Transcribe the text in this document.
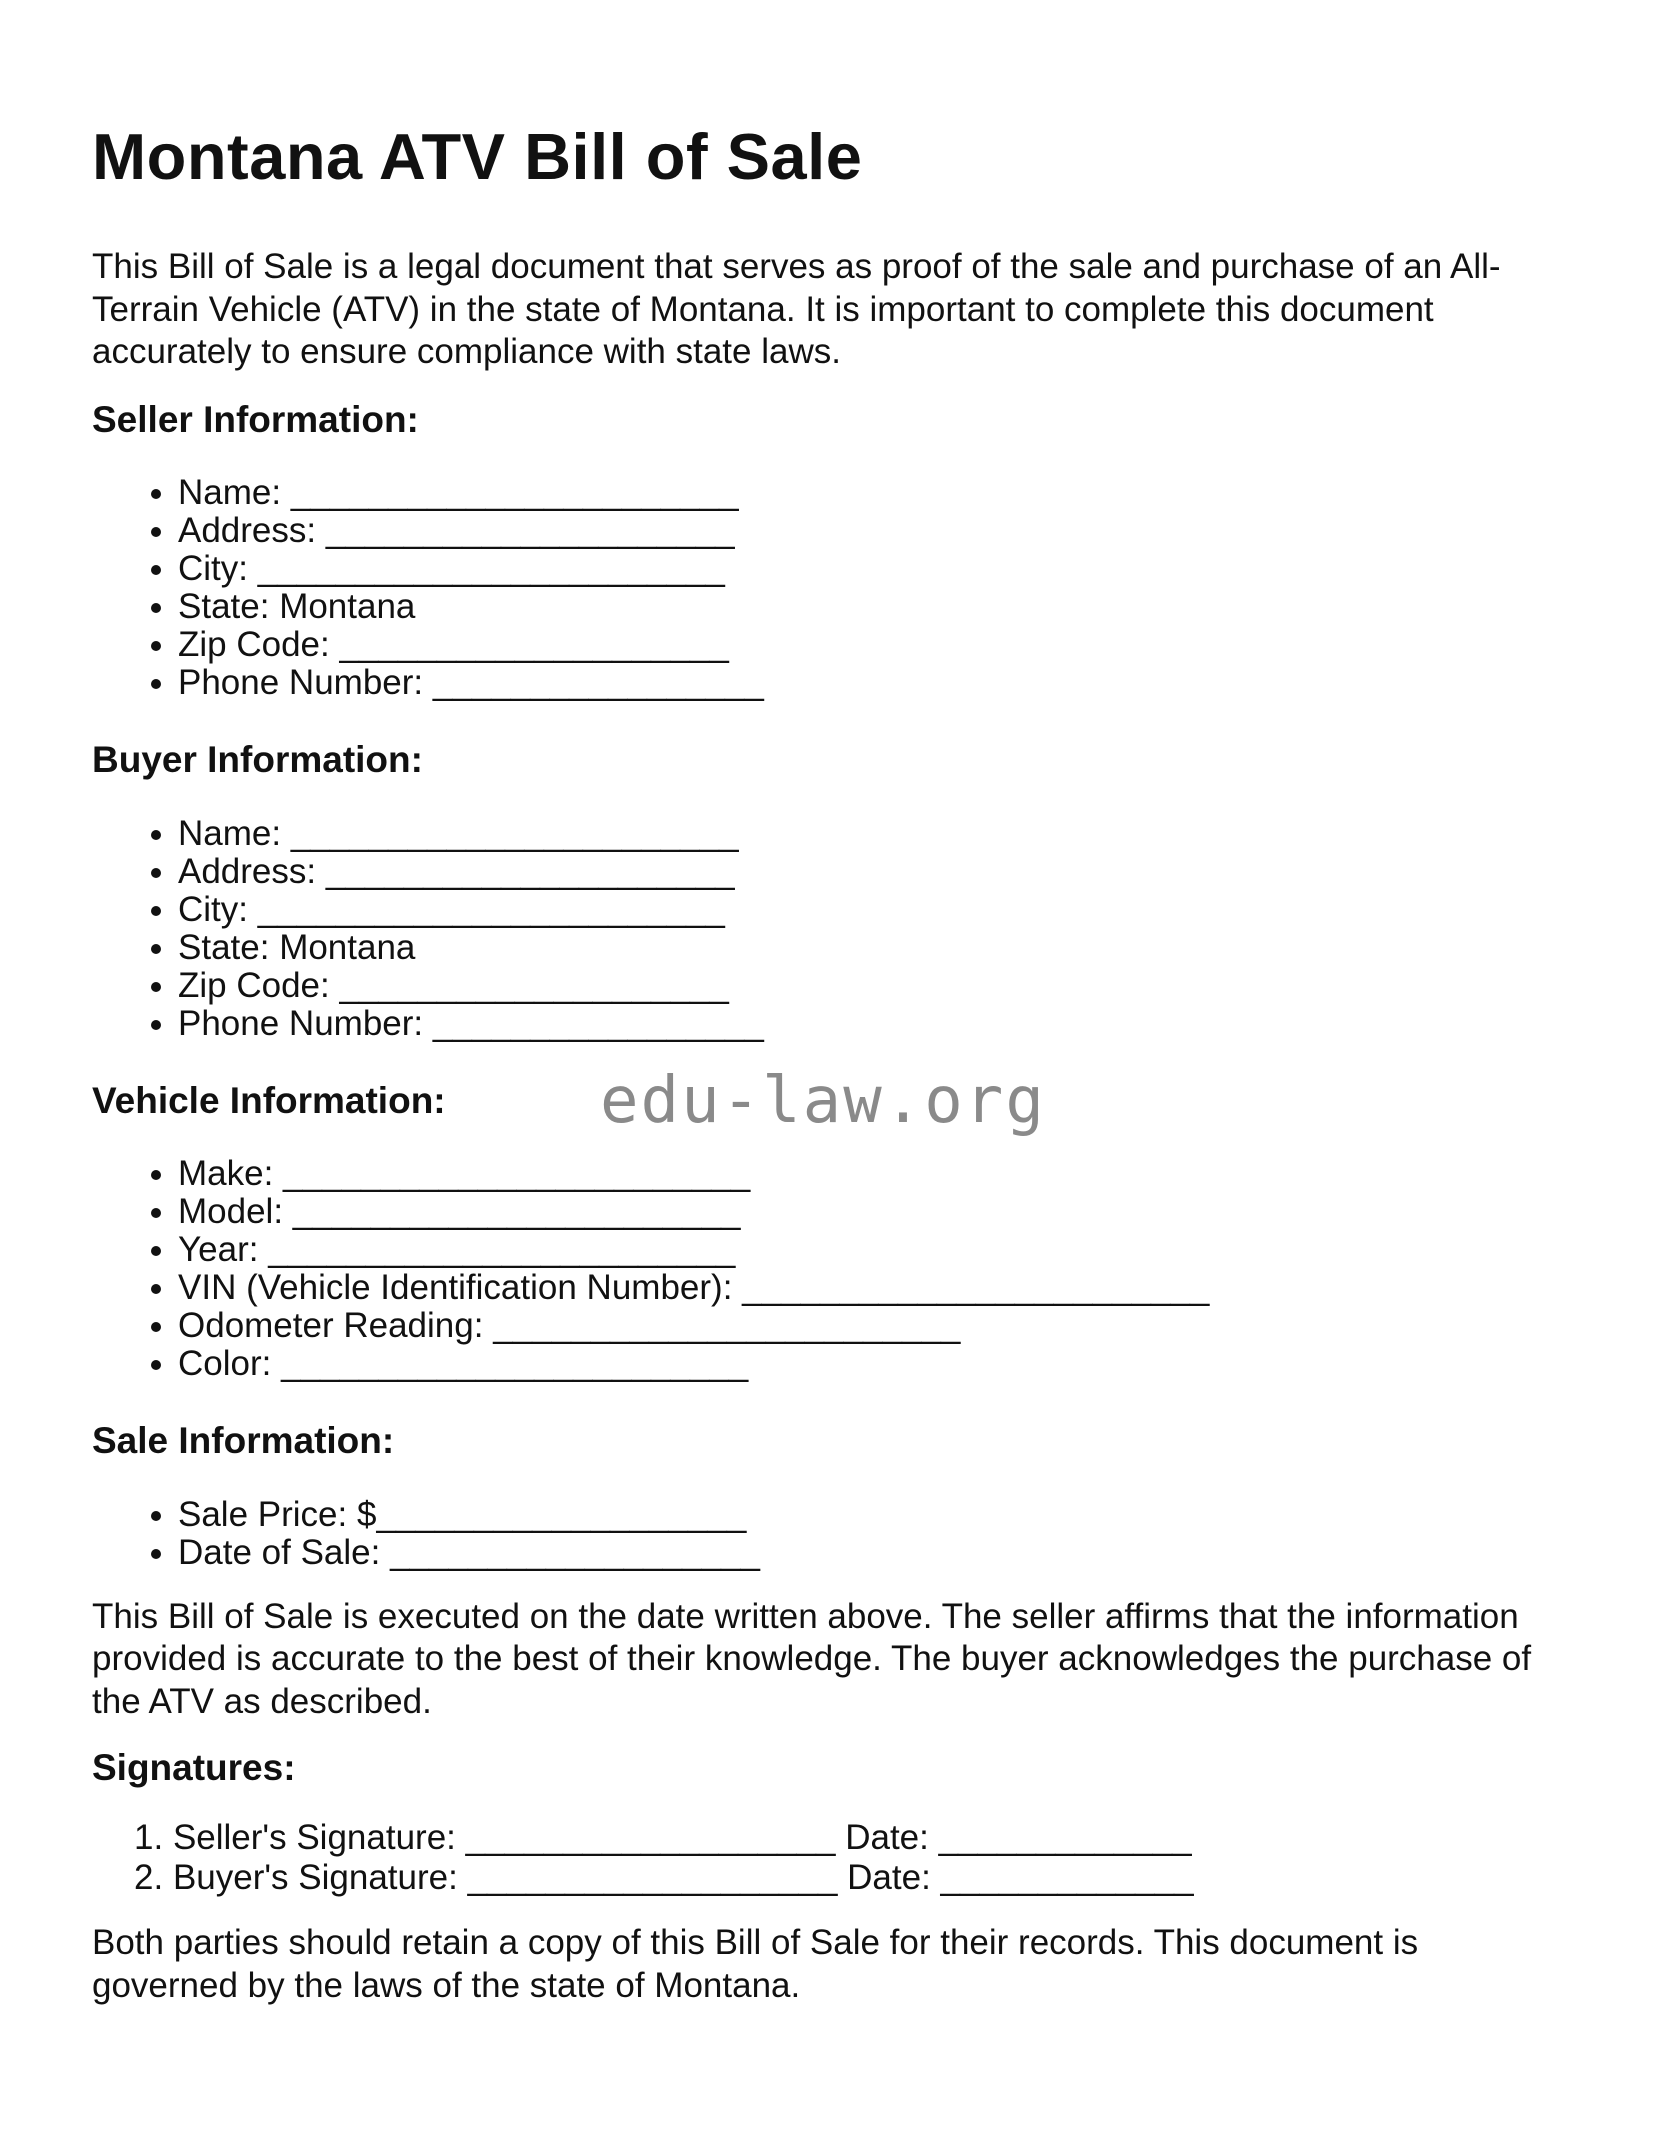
Montana ATV Bill of Sale

This Bill of Sale is a legal document that serves as proof of the sale and purchase of an All-Terrain Vehicle (ATV) in the state of Montana. It is important to complete this document accurately to ensure compliance with state laws.

Seller Information:
• Name: _______________________
• Address: _____________________
• City: ________________________
• State: Montana
• Zip Code: ____________________
• Phone Number: _________________
Buyer Information:
• Name: _______________________
• Address: _____________________
• City: ________________________
• State: Montana
• Zip Code: ____________________
• Phone Number: _________________
Vehicle Information: edu-law.org
• Make: ________________________
• Model: _______________________
• Year: ________________________
• VIN (Vehicle Identification Number): ________________________
• Odometer Reading: ________________________
• Color: ________________________
Sale Information:
• Sale Price: $___________________
• Date of Sale: ___________________

This Bill of Sale is executed on the date written above. The seller affirms that the information provided is accurate to the best of their knowledge. The buyer acknowledges the purchase of the ATV as described.

Signatures:
1. Seller's Signature: ___________________ Date: _____________
2. Buyer's Signature: ___________________ Date: _____________

Both parties should retain a copy of this Bill of Sale for their records. This document is governed by the laws of the state of Montana.
